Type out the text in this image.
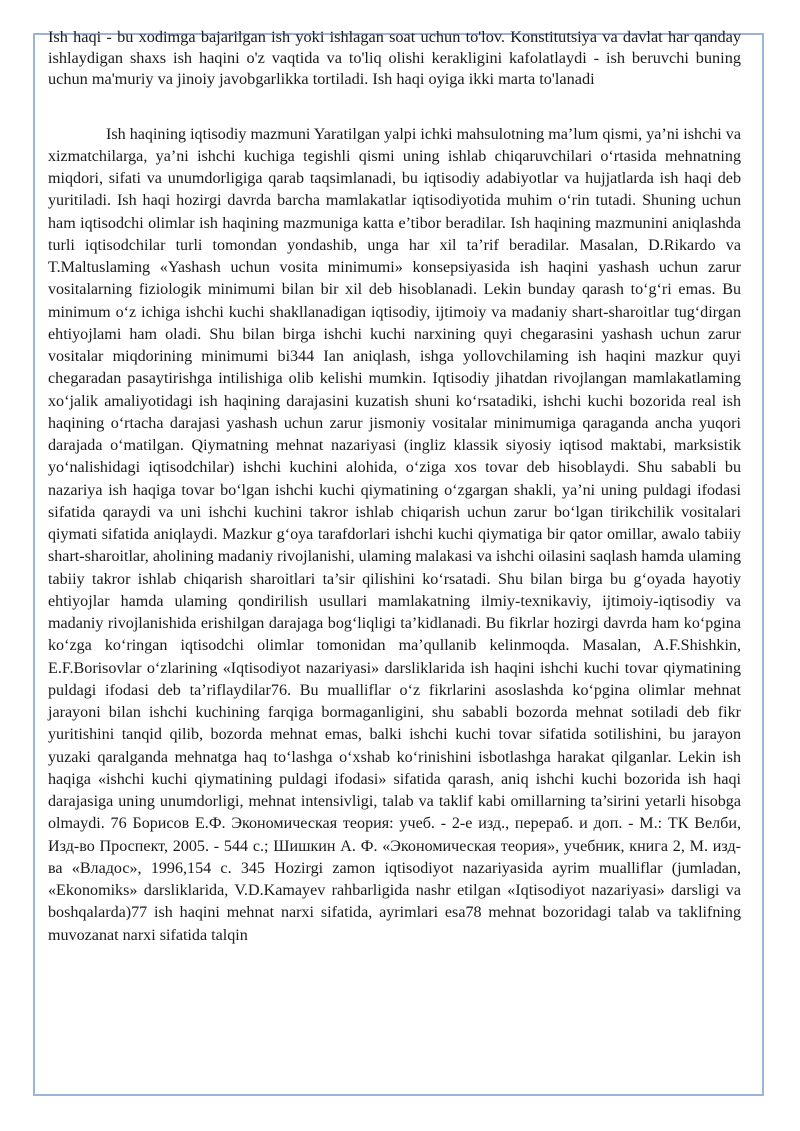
Ish haqi - bu xodimga bajarilgan ish yoki ishlagan soat uchun to'lov. Konstitutsiya va davlat har qanday ishlaydigan shaxs ish haqini o'z vaqtida va to'liq olishi kerakligini kafolatlaydi - ish beruvchi buning uchun ma'muriy va jinoiy javobgarlikka tortiladi. Ish haqi oyiga ikki marta to'lanadi

Ish haqining iqtisodiy mazmuni Yaratilgan yalpi ichki mahsulotning ma’lum qismi, ya’ni ishchi va xizmatchilarga, ya’ni ishchi kuchiga tegishli qismi uning ishlab chiqaruvchilari o‘rtasida mehnatning miqdori, sifati va unumdorligiga qarab taqsimlanadi, bu iqtisodiy adabiyotlar va hujjatlarda ish haqi deb yuritiladi. Ish haqi hozirgi davrda barcha mamlakatlar iqtisodiyotida muhim o‘rin tutadi. Shuning uchun ham iqtisodchi olimlar ish haqining mazmuniga katta e’tibor beradilar. Ish haqining mazmunini aniqlashda turli iqtisodchilar turli tomondan yondashib, unga har xil ta’rif beradilar. Masalan, D.Rikardo va T.Maltuslaming «Yashash uchun vosita minimumi» konsepsiyasida ish haqini yashash uchun zarur vositalarning fiziologik minimumi bilan bir xil deb hisoblanadi. Lekin bunday qarash to‘g‘ri emas. Bu minimum o‘z ichiga ishchi kuchi shakllanadigan iqtisodiy, ijtimoiy va madaniy shart-sharoitlar tug‘dirgan ehtiyojlami ham oladi. Shu bilan birga ishchi kuchi narxining quyi chegarasini yashash uchun zarur vositalar miqdorining minimumi bi344 Ian aniqlash, ishga yollovchilaming ish haqini mazkur quyi chegaradan pasaytirishga intilishiga olib kelishi mumkin. Iqtisodiy jihatdan rivojlangan mamlakatlaming xo‘jalik amaliyotidagi ish haqining darajasini kuzatish shuni ko‘rsatadiki, ishchi kuchi bozorida real ish haqining o‘rtacha darajasi yashash uchun zarur jismoniy vositalar minimumiga qaraganda ancha yuqori darajada o‘matilgan. Qiymatning mehnat nazariyasi (ingliz klassik siyosiy iqtisod maktabi, marksistik yo‘nalishidagi iqtisodchilar) ishchi kuchini alohida, o‘ziga xos tovar deb hisoblaydi. Shu sababli bu nazariya ish haqiga tovar bo‘lgan ishchi kuchi qiymatining o‘zgargan shakli, ya’ni uning puldagi ifodasi sifatida qaraydi va uni ishchi kuchini takror ishlab chiqarish uchun zarur bo‘lgan tirikchilik vositalari qiymati sifatida aniqlaydi. Mazkur g‘oya tarafdorlari ishchi kuchi qiymatiga bir qator omillar, awalo tabiiy shart-sharoitlar, aholining madaniy rivojlanishi, ulaming malakasi va ishchi oilasini saqlash hamda ulaming tabiiy takror ishlab chiqarish sharoitlari ta’sir qilishini ko‘rsatadi. Shu bilan birga bu g‘oyada hayotiy ehtiyojlar hamda ulaming qondirilish usullari mamlakatning ilmiy-texnikaviy, ijtimoiy-iqtisodiy va madaniy rivojlanishida erishilgan darajaga bog‘liqligi ta’kidlanadi. Bu fikrlar hozirgi davrda ham ko‘pgina ko‘zga ko‘ringan iqtisodchi olimlar tomonidan ma’qullanib kelinmoqda. Masalan, A.F.Shishkin, E.F.Borisovlar o‘zlarining «Iqtisodiyot nazariyasi» darsliklarida ish haqini ishchi kuchi tovar qiymatining puldagi ifodasi deb ta’riflaydilar76. Bu mualliflar o‘z fikrlarini asoslashda ko‘pgina olimlar mehnat jarayoni bilan ishchi kuchining farqiga bormaganligini, shu sababli bozorda mehnat sotiladi deb fikr yuritishini tanqid qilib, bozorda mehnat emas, balki ishchi kuchi tovar sifatida sotilishini, bu jarayon yuzaki qaralganda mehnatga haq to‘lashga o‘xshab ko‘rinishini isbotlashga harakat qilganlar. Lekin ish haqiga «ishchi kuchi qiymatining puldagi ifodasi» sifatida qarash, aniq ishchi kuchi bozorida ish haqi darajasiga uning unumdorligi, mehnat intensivligi, talab va taklif kabi omillarning ta’sirini yetarli hisobga olmaydi. 76 Борисов Е.Ф. Экономическая теория: учеб. - 2-е изд., перераб. и доп. - М.: ТК Велби, Изд-во Проспект, 2005. - 544 с.; Шишкин А. Ф. «Экономическая теория», учебник, книга 2, М. изд-ва «Владос», 1996,154 с. 345 Hozirgi zamon iqtisodiyot nazariyasida ayrim mualliflar (jumladan, «Ekonomiks» darsliklarida, V.D.Kamayev rahbarligida nashr etilgan «Iqtisodiyot nazariyasi» darsligi va boshqalarda)77 ish haqini mehnat narxi sifatida, ayrimlari esa78 mehnat bozoridagi talab va taklifning muvozanat narxi sifatida talqin
